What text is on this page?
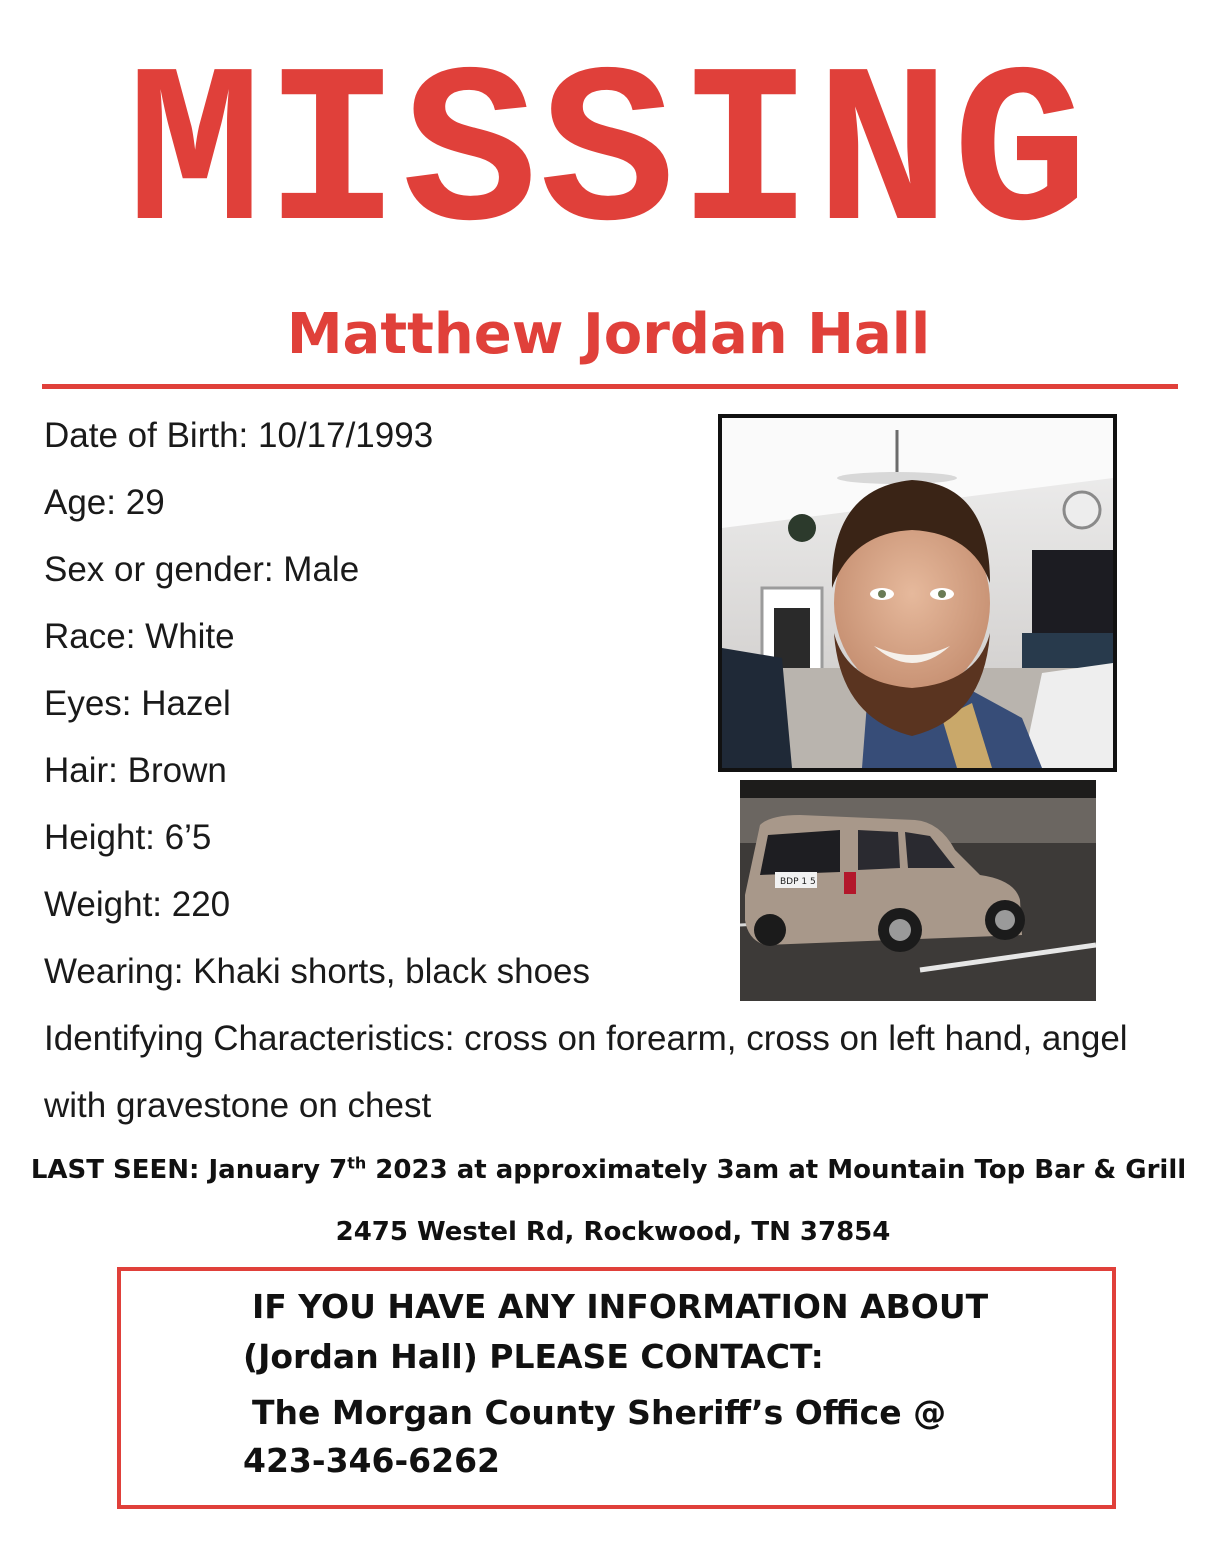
MISSING
Matthew Jordan Hall
Date of Birth: 10/17/1993
Age: 29
Sex or gender: Male
Race: White
Eyes: Hazel
Hair: Brown
Height: 6’5
Weight: 220
Wearing: Khaki shorts, black shoes
Identifying Characteristics: cross on forearm, cross on left hand, angel with gravestone on chest
BDP 1 5
LAST SEEN: January 7th 2023 at approximately 3am at Mountain Top Bar & Grill
2475 Westel Rd, Rockwood, TN 37854
IF YOU HAVE ANY INFORMATION ABOUT
(Jordan Hall) PLEASE CONTACT:
The Morgan County Sheriff’s Office @
423-346-6262
